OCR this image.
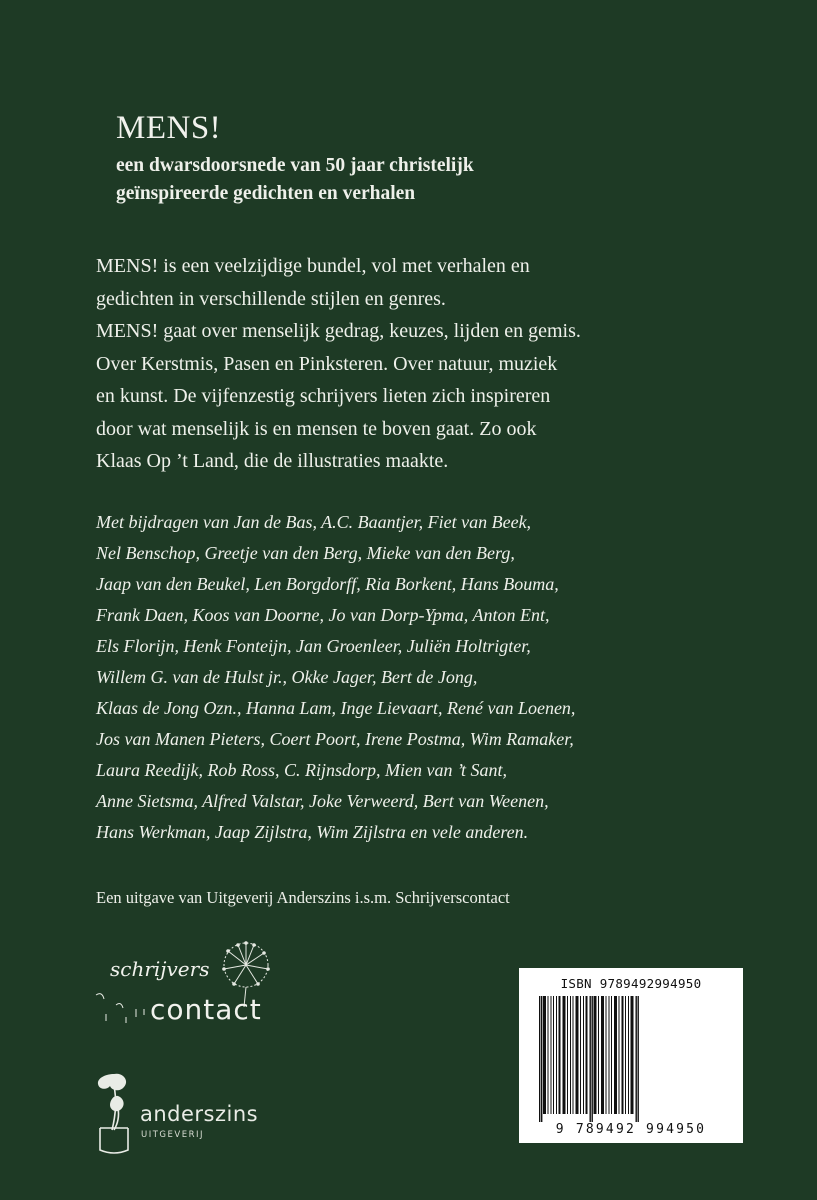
MENS!
een dwarsdoorsnede van 50 jaar christelijk
geïnspireerde gedichten en verhalen
MENS! is een veelzijdige bundel, vol met verhalen en
gedichten in verschillende stijlen en genres.
MENS! gaat over menselijk gedrag, keuzes, lijden en gemis.
Over Kerstmis, Pasen en Pinksteren. Over natuur, muziek
en kunst. De vijfenzestig schrijvers lieten zich inspireren
door wat menselijk is en mensen te boven gaat. Zo ook
Klaas Op ’t Land, die de illustraties maakte.
Met bijdragen van Jan de Bas, A.C. Baantjer, Fiet van Beek,
Nel Benschop, Greetje van den Berg, Mieke van den Berg,
Jaap van den Beukel, Len Borgdorff, Ria Borkent, Hans Bouma,
Frank Daen, Koos van Doorne, Jo van Dorp-Ypma, Anton Ent,
Els Florijn, Henk Fonteijn, Jan Groenleer, Juliën Holtrigter,
Willem G. van de Hulst jr., Okke Jager, Bert de Jong,
Klaas de Jong Ozn., Hanna Lam, Inge Lievaart, René van Loenen,
Jos van Manen Pieters, Coert Poort, Irene Postma, Wim Ramaker,
Laura Reedijk, Rob Ross, C. Rijnsdorp, Mien van ’t Sant,
Anne Sietsma, Alfred Valstar, Joke Verweerd, Bert van Weenen,
Hans Werkman, Jaap Zijlstra, Wim Zijlstra en vele anderen.
Een uitgave van Uitgeverij Anderszins i.s.m. Schrijverscontact
schrijvers
contact
anderszins
UITGEVERIJ
ISBN 9789492994950
9 789492 994950
